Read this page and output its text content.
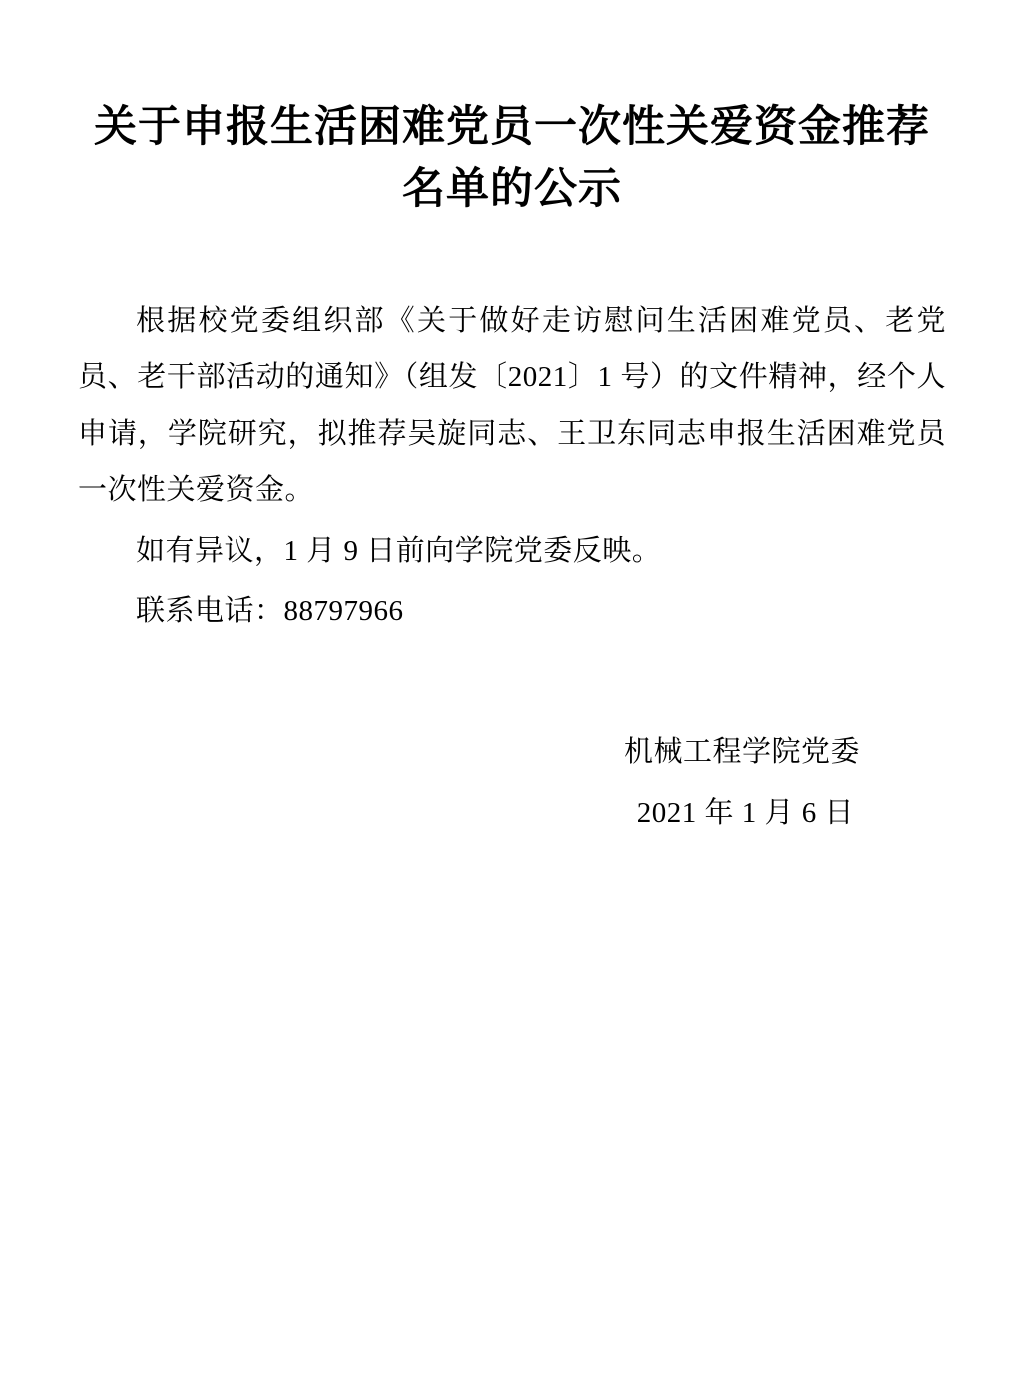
关于申报生活困难党员一次性关爱资金推荐名单的公示

根据校党委组织部《关于做好走访慰问生活困难党员、老党员、老干部活动的通知》（组发〔2021〕1 号）的文件精神，经个人申请，学院研究，拟推荐吴旋同志、王卫东同志申报生活困难党员一次性关爱资金。

如有异议，1 月 9 日前向学院党委反映。

联系电话：88797966

机械工程学院党委
2021 年 1 月 6 日
